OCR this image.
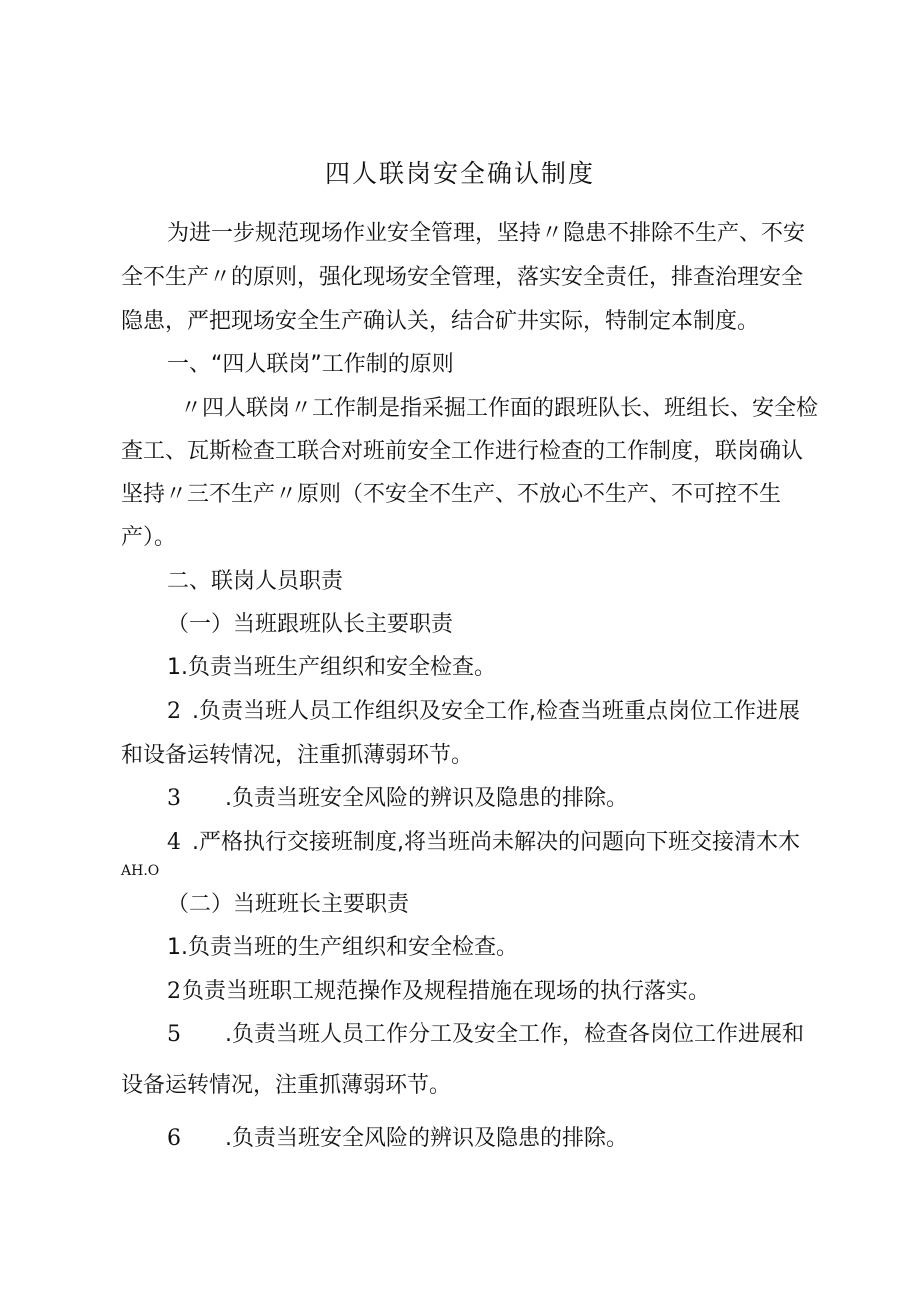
四人联岗安全确认制度
为进一步规范现场作业安全管理，坚持〃隐患不排除不生产、不安
全不生产〃的原则，强化现场安全管理，落实安全责任，排查治理安全
隐患，严把现场安全生产确认关，结合矿井实际，特制定本制度。
一、“四人联岗”工作制的原则
〃四人联岗〃工作制是指采掘工作面的跟班队长、班组长、安全检
查工、瓦斯检查工联合对班前安全工作进行检查的工作制度，联岗确认
坚持〃三不生产〃原则（不安全不生产、不放心不生产、不可控不生
产）。
二、联岗人员职责
（一）当班跟班队长主要职责
1.负责当班生产组织和安全检查。
2 .负责当班人员工作组织及安全工作,检查当班重点岗位工作进展
和设备运转情况，注重抓薄弱环节。
3 .负责当班安全风险的辨识及隐患的排除。
4 .严格执行交接班制度,将当班尚未解决的问题向下班交接清木木
AH.O
（二）当班班长主要职责
1.负责当班的生产组织和安全检查。
2 负责当班职工规范操作及规程措施在现场的执行落实。
5 .负责当班人员工作分工及安全工作，检查各岗位工作进展和
设备运转情况，注重抓薄弱环节。
6 .负责当班安全风险的辨识及隐患的排除。
